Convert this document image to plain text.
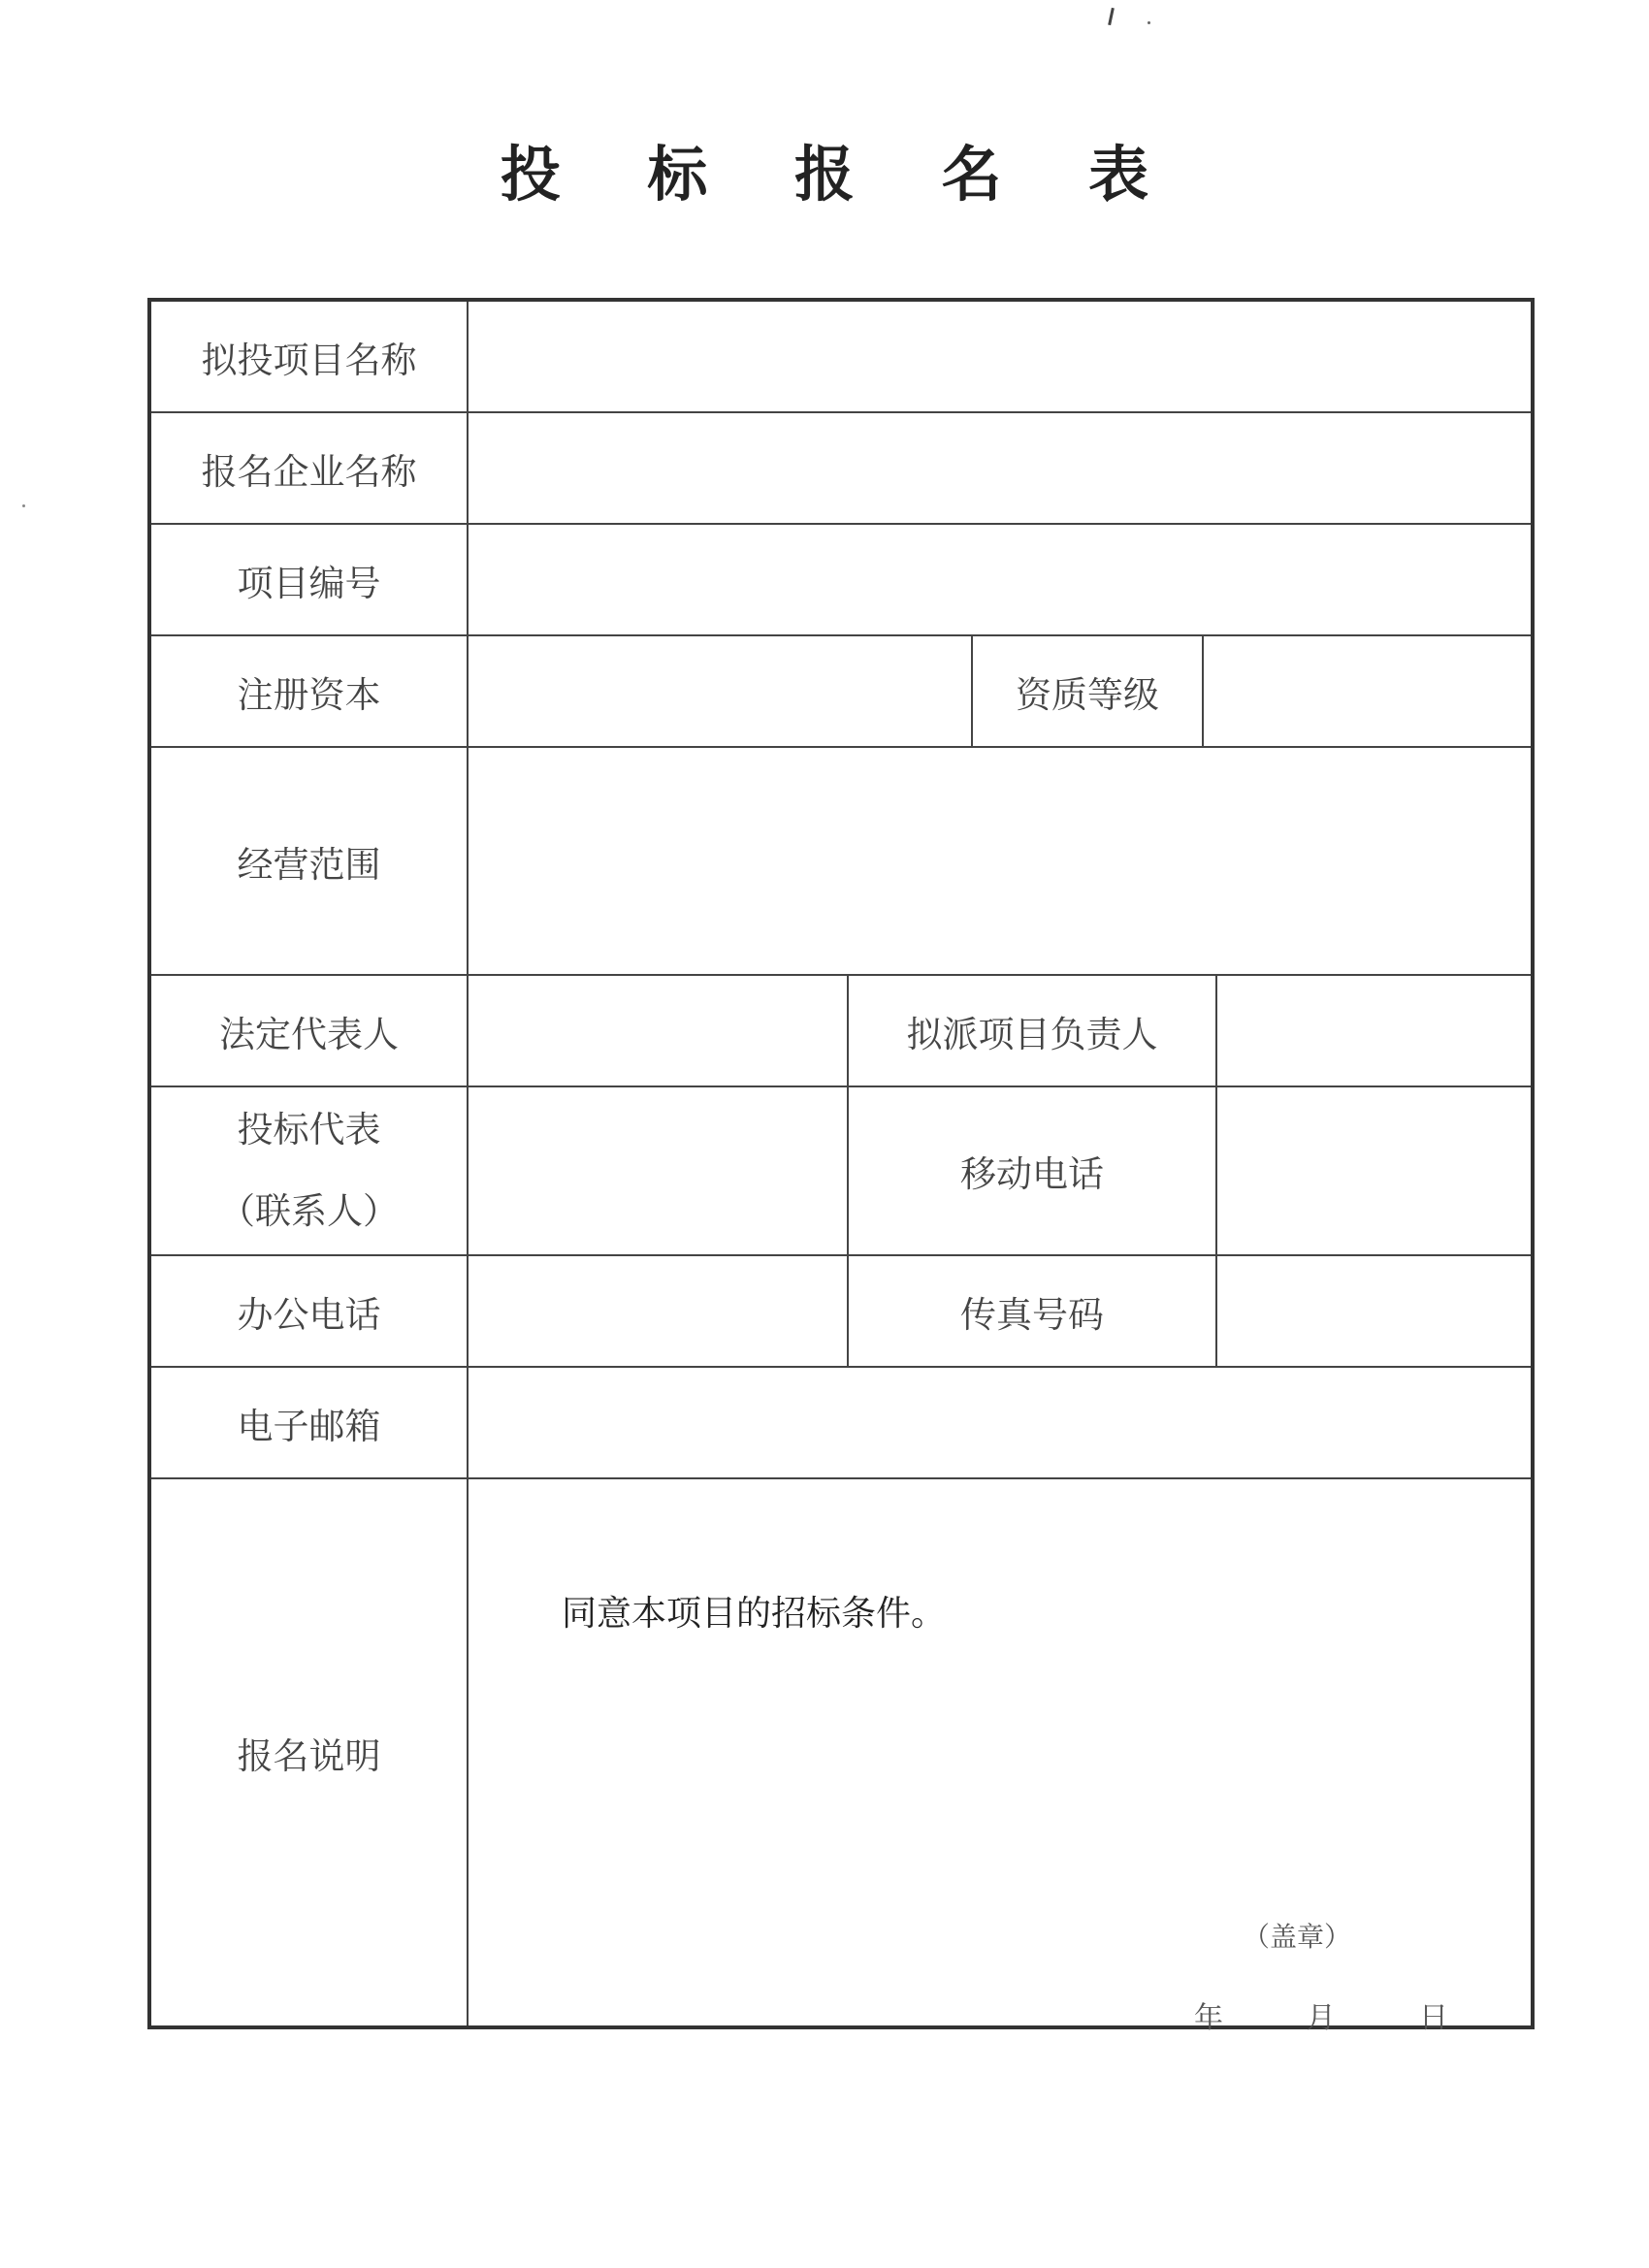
投 标 报 名 表
拟投项目名称					
报名企业名称					
项目编号					
注册资本			资质等级		
经营范围					
法定代表人		拟派项目负责人			
投标代表
（联系人）		移动电话			
办公电话		传真号码			
电子邮箱					
报名说明	同意本项目的招标条件。
（盖章）
年 月 日				
